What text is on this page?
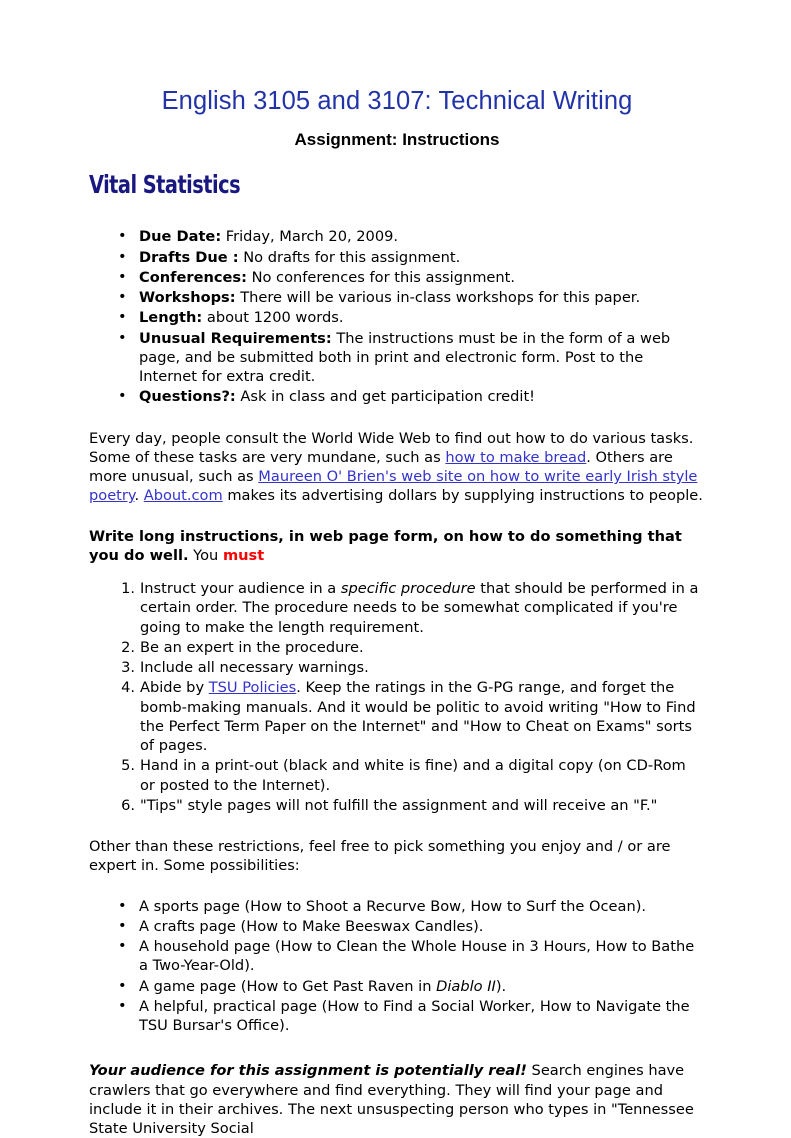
English 3105 and 3107: Technical Writing
Assignment: Instructions
Vital Statistics
• Due Date: Friday, March 20, 2009.
• Drafts Due : No drafts for this assignment.
• Conferences: No conferences for this assignment.
• Workshops: There will be various in-class workshops for this paper.
• Length: about 1200 words.
• Unusual Requirements: The instructions must be in the form of a web page, and be submitted both in print and electronic form. Post to the Internet for extra credit.
• Questions?: Ask in class and get participation credit!

Every day, people consult the World Wide Web to find out how to do various tasks. Some of these tasks are very mundane, such as how to make bread. Others are more unusual, such as Maureen O' Brien's web site on how to write early Irish style poetry. About.com makes its advertising dollars by supplying instructions to people.

Write long instructions, in web page form, on how to do something that you do well. You must

Instruct your audience in a specific procedure that should be performed in a certain order. The procedure needs to be somewhat complicated if you're going to make the length requirement.
Be an expert in the procedure.
Include all necessary warnings.
Abide by TSU Policies. Keep the ratings in the G-PG range, and forget the bomb-making manuals. And it would be politic to avoid writing "How to Find the Perfect Term Paper on the Internet" and "How to Cheat on Exams" sorts of pages.
Hand in a print-out (black and white is fine) and a digital copy (on CD-Rom or posted to the Internet).
"Tips" style pages will not fulfill the assignment and will receive an "F."

Other than these restrictions, feel free to pick something you enjoy and / or are expert in. Some possibilities:

• A sports page (How to Shoot a Recurve Bow, How to Surf the Ocean).
• A crafts page (How to Make Beeswax Candles).
• A household page (How to Clean the Whole House in 3 Hours, How to Bathe a Two-Year-Old).
• A game page (How to Get Past Raven in Diablo II).
• A helpful, practical page (How to Find a Social Worker, How to Navigate the TSU Bursar's Office).

Your audience for this assignment is potentially real! Search engines have crawlers that go everywhere and find everything. They will find your page and include it in their archives. The next unsuspecting person who types in "Tennessee State University Social
